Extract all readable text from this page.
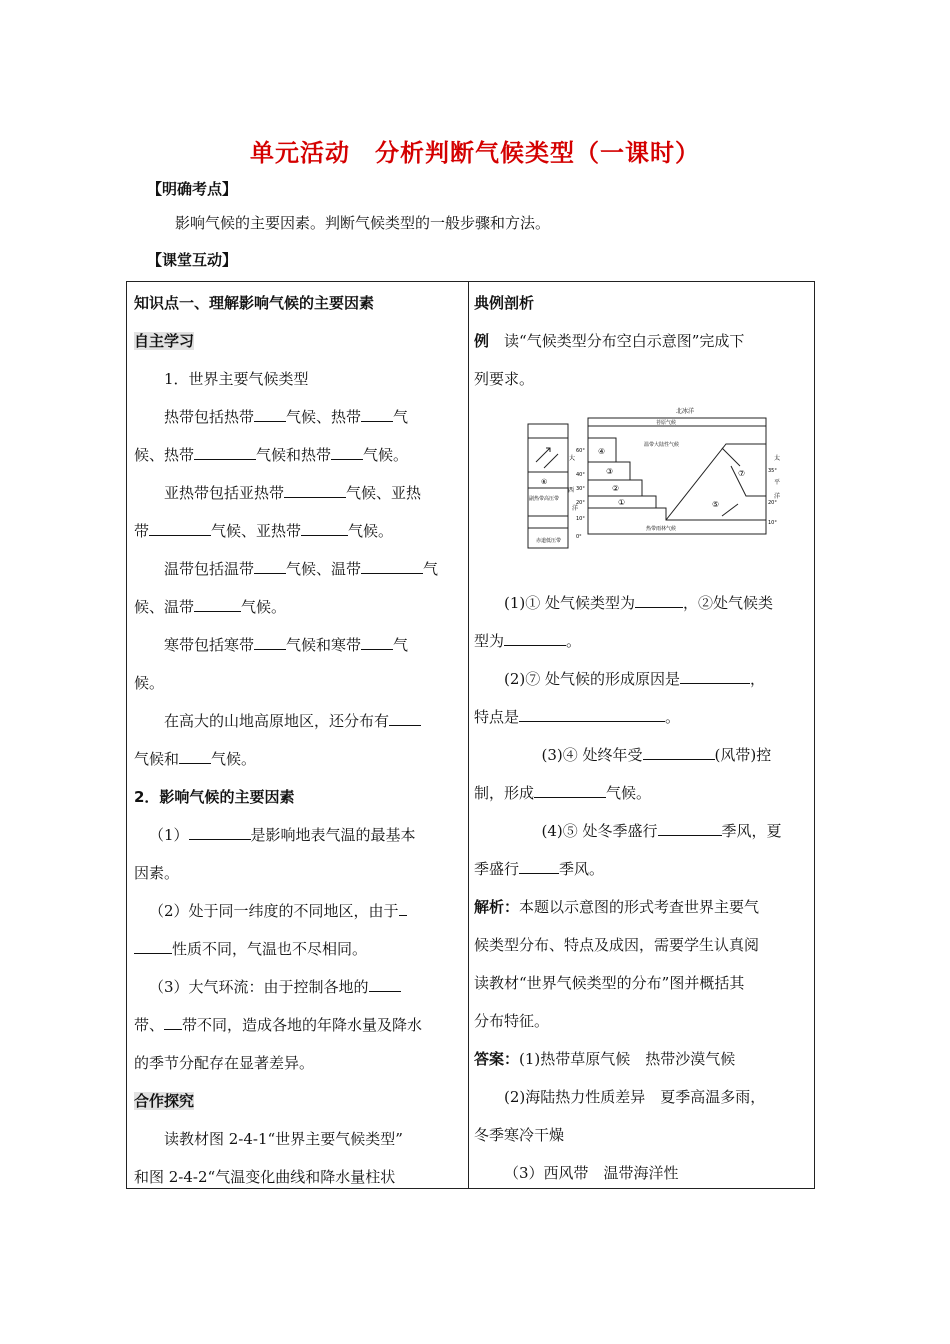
单元活动　分析判断气候类型（一课时）
【明确考点】
影响气候的主要因素。判断气候类型的一般步骤和方法。
【课堂互动】

知识点一、理解影响气候的主要因素

自主学习

1．世界主要气候类型

热带包括热带 气候、热带 气

候、热带	气候和热带 气候。

亚热带包括亚热带	气候、亚热

带	气候、亚热带	气候。

温带包括温带 气候、温带	气

候、温带	气候。

寒带包括寒带 气候和寒带 气

候。

在高大的山地高原地区，还分布有

气候和 气候。

2．影响气候的主要因素

（1）	是影响地表气温的最基本

因素。

（2）处于同一纬度的不同地区，由于

性质不同，气温也不尽相同。

（3）大气环流：由于控制各地的

带、 带不同，造成各地的年降水量及降水

的季节分配存在显著差异。

合作探究

读教材图 2-4-1“世界主要气候类型”

和图 2-4-2“气温变化曲线和降水量柱状

典例剖析

例　 读“气候类型分布空白示意图”完成下

列要求。

⑥
副热带高压带
赤道低压带
大
西
洋
60°
40°
30°
20°
10°
0°
北冰洋
苔原气候
温带大陆性气候
④
③
②
①
热带雨林气候
⑦
⑤
太
35°
平
洋
20°
10°

(1)① 处气候类型为	，②处气候类

型为	。

(2)⑦ 处气候的形成原因是	，

特点是	。

(3)④ 处终年受	(风带)控

制，形成	气候。

(4)⑤ 处冬季盛行	季风，夏

季盛行	季风。

解析：本题以示意图的形式考查世界主要气

候类型分布、特点及成因，需要学生认真阅

读教材“世界气候类型的分布”图并概括其

分布特征。

答案：(1)热带草原气候　热带沙漠气候

(2)海陆热力性质差异　夏季高温多雨，

冬季寒冷干燥

（3）西风带　温带海洋性
